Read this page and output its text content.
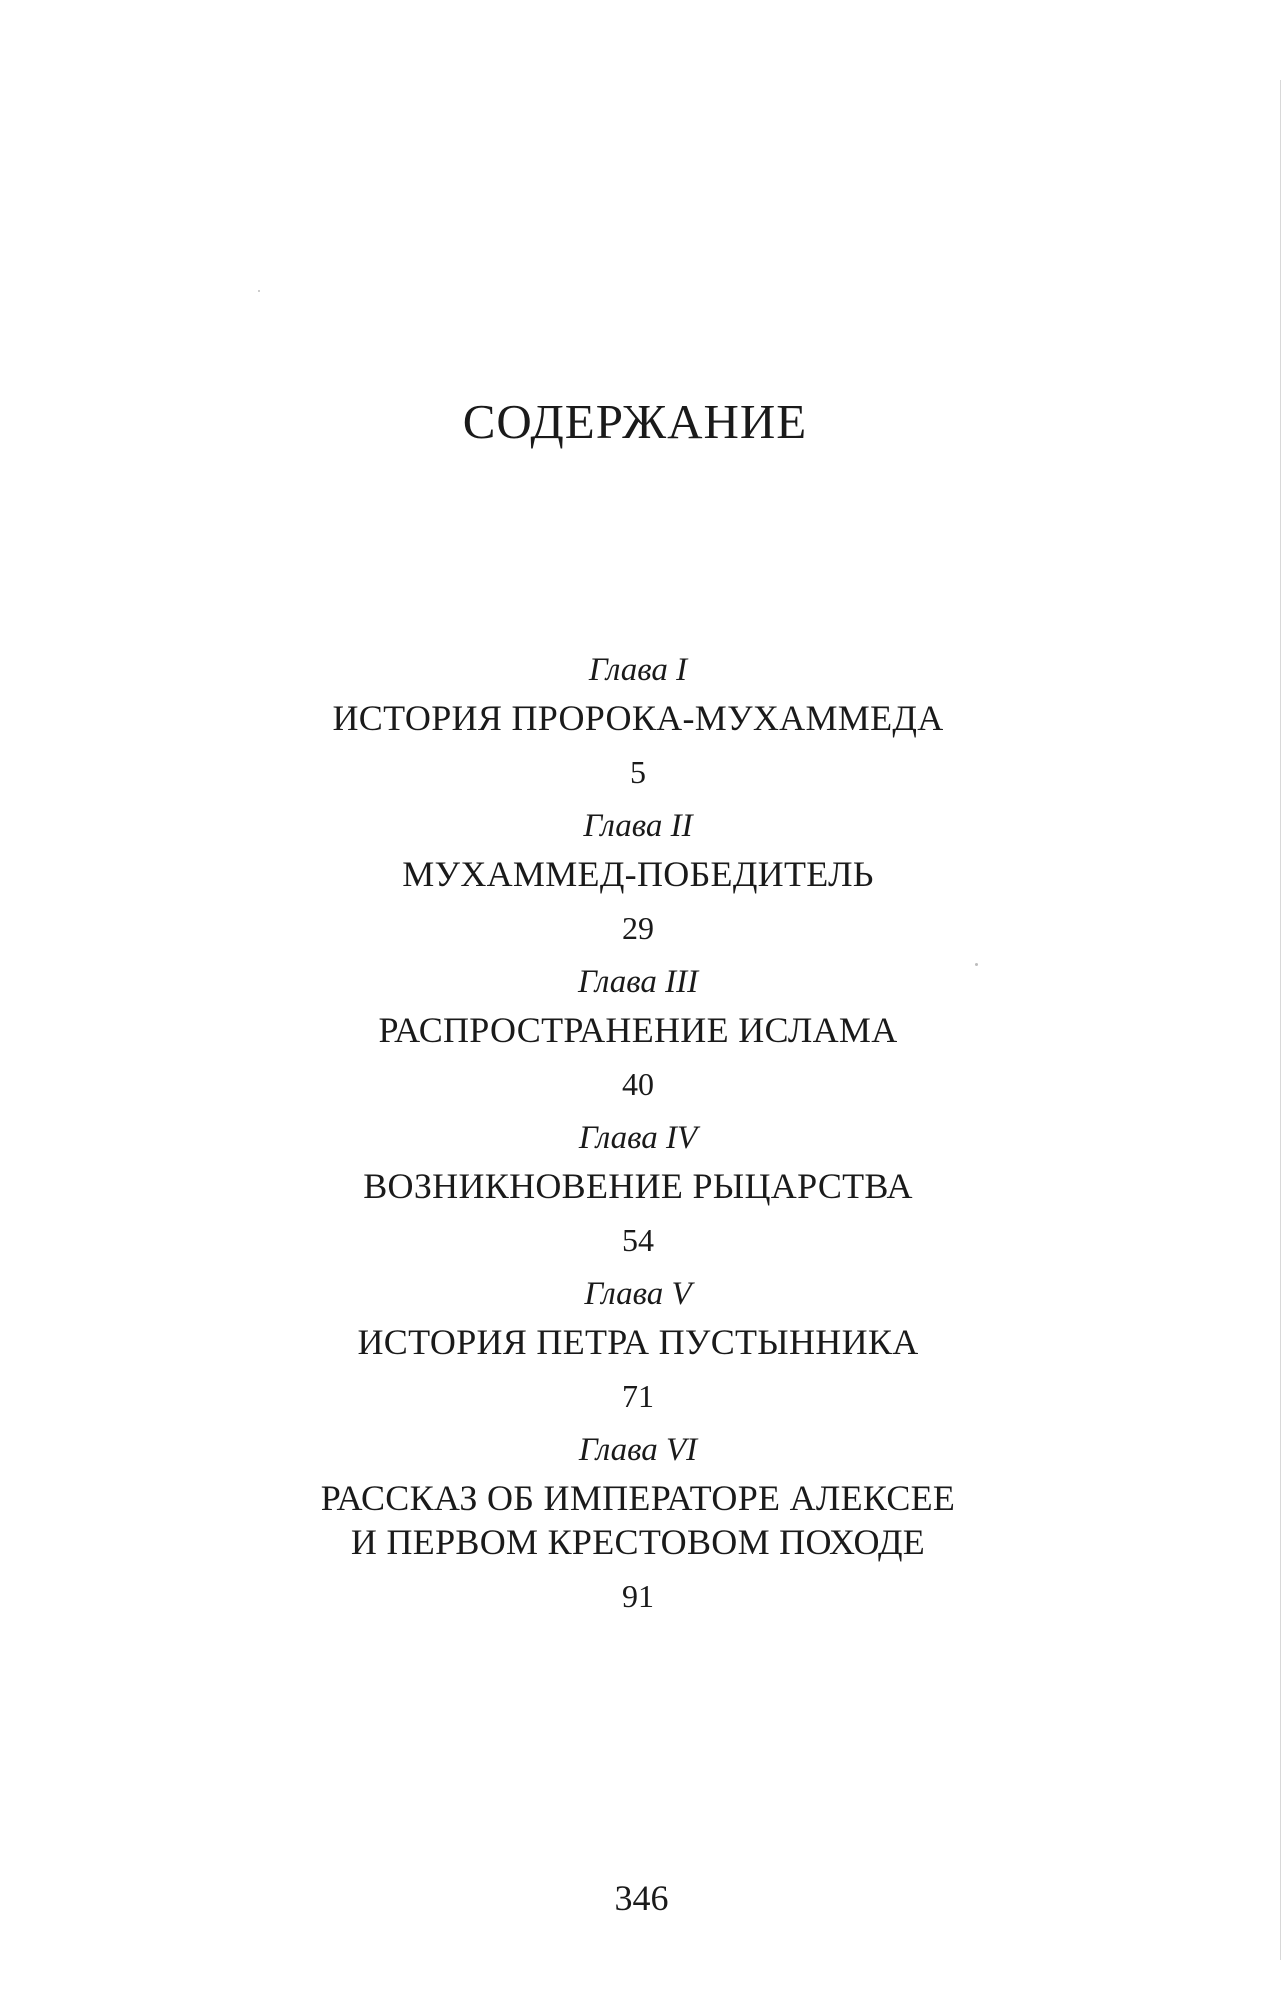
СОДЕРЖАНИЕ
Глава I
ИСТОРИЯ ПРОРОКА-МУХАММЕДА
5
Глава II
МУХАММЕД-ПОБЕДИТЕЛЬ
29
Глава III
РАСПРОСТРАНЕНИЕ ИСЛАМА
40
Глава IV
ВОЗНИКНОВЕНИЕ РЫЦАРСТВА
54
Глава V
ИСТОРИЯ ПЕТРА ПУСТЫННИКА
71
Глава VI
РАССКАЗ ОБ ИМПЕРАТОРЕ АЛЕКСЕЕ
И ПЕРВОМ КРЕСТОВОМ ПОХОДЕ
91
346
